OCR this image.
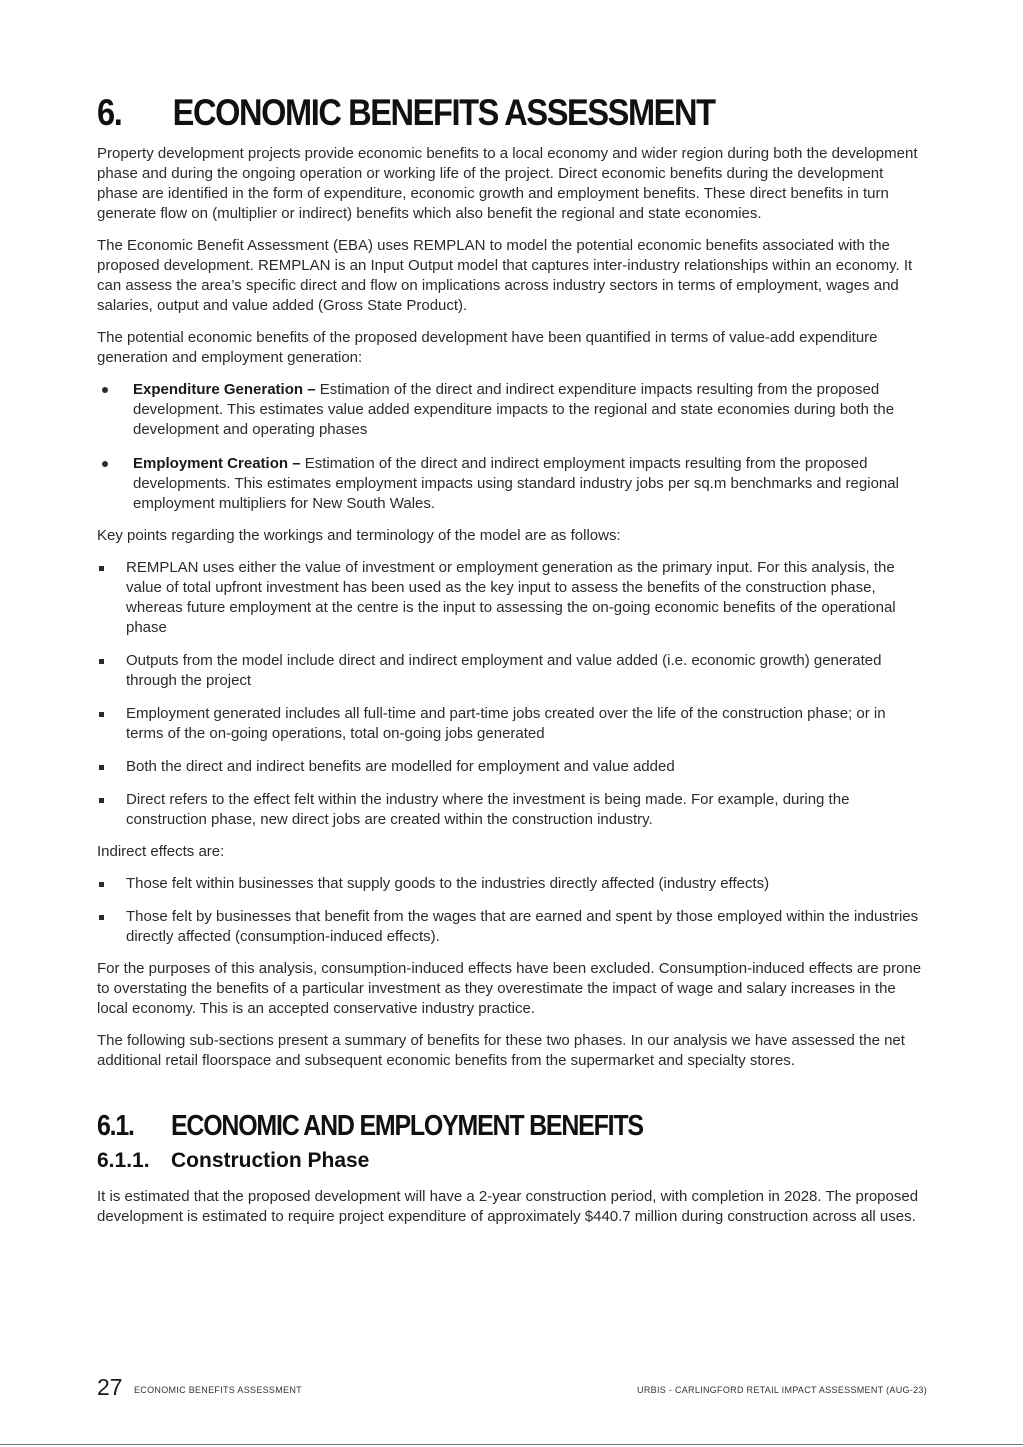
6.	ECONOMIC BENEFITS ASSESSMENT

Property development projects provide economic benefits to a local economy and wider region during both the development phase and during the ongoing operation or working life of the project. Direct economic benefits during the development phase are identified in the form of expenditure, economic growth and employment benefits. These direct benefits in turn generate flow on (multiplier or indirect) benefits which also benefit the regional and state economies.

The Economic Benefit Assessment (EBA) uses REMPLAN to model the potential economic benefits associated with the proposed development. REMPLAN is an Input Output model that captures inter-industry relationships within an economy. It can assess the area’s specific direct and flow on implications across industry sectors in terms of employment, wages and salaries, output and value added (Gross State Product).

The potential economic benefits of the proposed development have been quantified in terms of value-add expenditure generation and employment generation:

Expenditure Generation – Estimation of the direct and indirect expenditure impacts resulting from the proposed development. This estimates value added expenditure impacts to the regional and state economies during both the development and operating phases
Employment Creation – Estimation of the direct and indirect employment impacts resulting from the proposed developments. This estimates employment impacts using standard industry jobs per sq.m benchmarks and regional employment multipliers for New South Wales.

Key points regarding the workings and terminology of the model are as follows:

REMPLAN uses either the value of investment or employment generation as the primary input. For this analysis, the value of total upfront investment has been used as the key input to assess the benefits of the construction phase, whereas future employment at the centre is the input to assessing the on-going economic benefits of the operational phase
Outputs from the model include direct and indirect employment and value added (i.e. economic growth) generated through the project
Employment generated includes all full-time and part-time jobs created over the life of the construction phase; or in terms of the on-going operations, total on-going jobs generated
Both the direct and indirect benefits are modelled for employment and value added
Direct refers to the effect felt within the industry where the investment is being made. For example, during the construction phase, new direct jobs are created within the construction industry.

Indirect effects are:

Those felt within businesses that supply goods to the industries directly affected (industry effects)
Those felt by businesses that benefit from the wages that are earned and spent by those employed within the industries directly affected (consumption-induced effects).

For the purposes of this analysis, consumption-induced effects have been excluded. Consumption-induced effects are prone to overstating the benefits of a particular investment as they overestimate the impact of wage and salary increases in the local economy. This is an accepted conservative industry practice.

The following sub-sections present a summary of benefits for these two phases. In our analysis we have assessed the net additional retail floorspace and subsequent economic benefits from the supermarket and specialty stores.

6.1.	ECONOMIC AND EMPLOYMENT BENEFITS
6.1.1.	Construction Phase

It is estimated that the proposed development will have a 2-year construction period, with completion in 2028. The proposed development is estimated to require project expenditure of approximately $440.7 million during construction across all uses.

27 ECONOMIC BENEFITS ASSESSMENT	URBIS - CARLINGFORD RETAIL IMPACT ASSESSMENT (AUG-23)
